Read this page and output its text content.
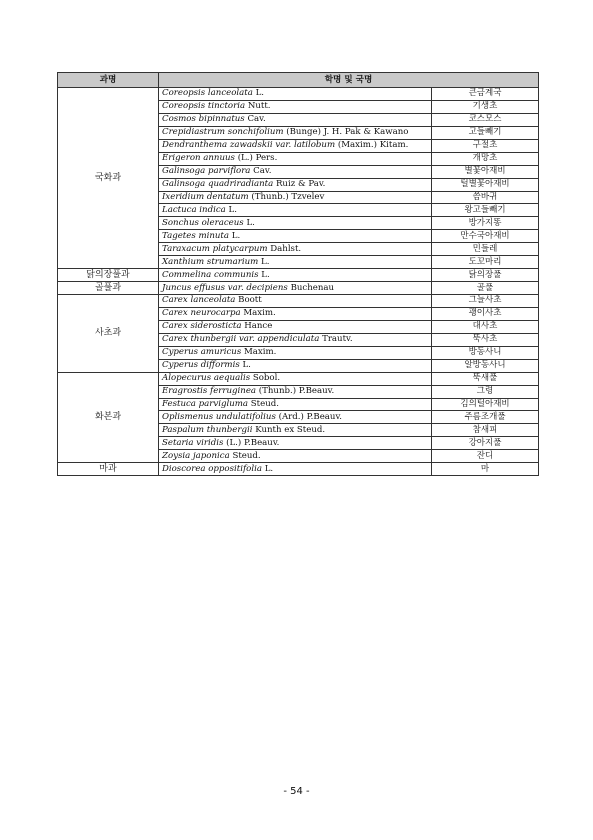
과명	학명 및 국명	
국화과	Coreopsis lanceolata L.	큰금계국
	Coreopsis tinctoria Nutt.	기생초
	Cosmos bipinnatus Cav.	코스모스
	Crepidiastrum sonchifolium (Bunge) J. H. Pak & Kawano	고들빼기
	Dendranthema zawadskii var. latilobum (Maxim.) Kitam.	구절초
	Erigeron annuus (L.) Pers.	개망초
	Galinsoga parviflora Cav.	별꽃아재비
	Galinsoga quadriradianta Ruiz & Pav.	털별꽃아재비
	Ixeridium dentatum (Thunb.) Tzvelev	씀바귀
	Lactuca indica L.	왕고들빼기
	Sonchus oleraceus L.	방가지똥
	Tagetes minuta L.	만수국아재비
	Taraxacum platycarpum Dahlst.	민들레
	Xanthium strumarium L.	도꼬마리
닭의장풀과	Commelina communis L.	닭의장풀
골풀과	Juncus effusus var. decipiens Buchenau	골풀
사초과	Carex lanceolata Boott	그늘사초
	Carex neurocarpa Maxim.	괭이사초
	Carex siderosticta Hance	대사초
	Carex thunbergii var. appendiculata Trautv.	뚝사초
	Cyperus amuricus Maxim.	방동사니
	Cyperus difformis L.	알방동사니
화본과	Alopecurus aequalis Sobol.	뚝새풀
	Eragrostis ferruginea (Thunb.) P.Beauv.	그령
	Festuca parvigluma Steud.	김의털아재비
	Oplismenus undulatifolius (Ard.) P.Beauv.	주름조개풀
	Paspalum thunbergii Kunth ex Steud.	참새피
	Setaria viridis (L.) P.Beauv.	강아지풀
	Zoysia japonica Steud.	잔디
마과	Dioscorea oppositifolia L.	마
- 54 -
